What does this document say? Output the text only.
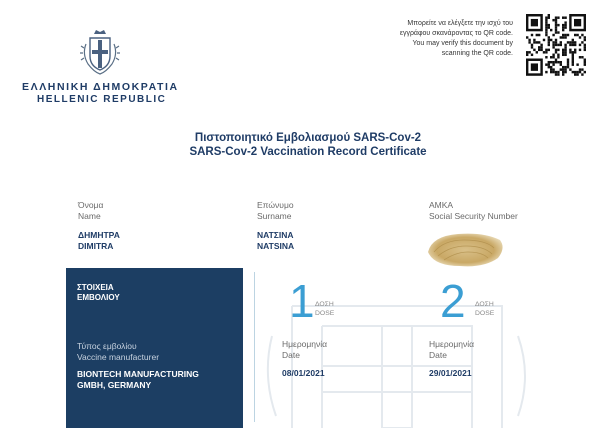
ΕΛΛΗΝΙΚΗ ΔΗΜΟΚΡΑΤΙΑ
HELLENIC REPUBLIC
Μπορείτε να ελέγξετε την ισχύ του
εγγράφου σκανάροντας το QR code.
You may verify this document by
scanning the QR code.
Πιστοποιητικό Εμβολιασμού SARS-Cov-2
SARS-Cov-2 Vaccination Record Certificate
Όνομα
Name
ΔΗΜΗΤΡΑ
DIMITRA
Επώνυμο
Surname
ΝΑΤΣΙΝΑ
NATSINA
ΑΜΚΑ
Social Security Number
ΣΤΟΙΧΕΙΑ
ΕΜΒΟΛΙΟΥ
Τύπος εμβολίου
Vaccine manufacturer
BIONTECH MANUFACTURING
GMBH, GERMANY
1 ΔΟΣΗ
DOSE
Ημερομηνία
Date
08/01/2021
2 ΔΟΣΗ
DOSE
Ημερομηνία
Date
29/01/2021
